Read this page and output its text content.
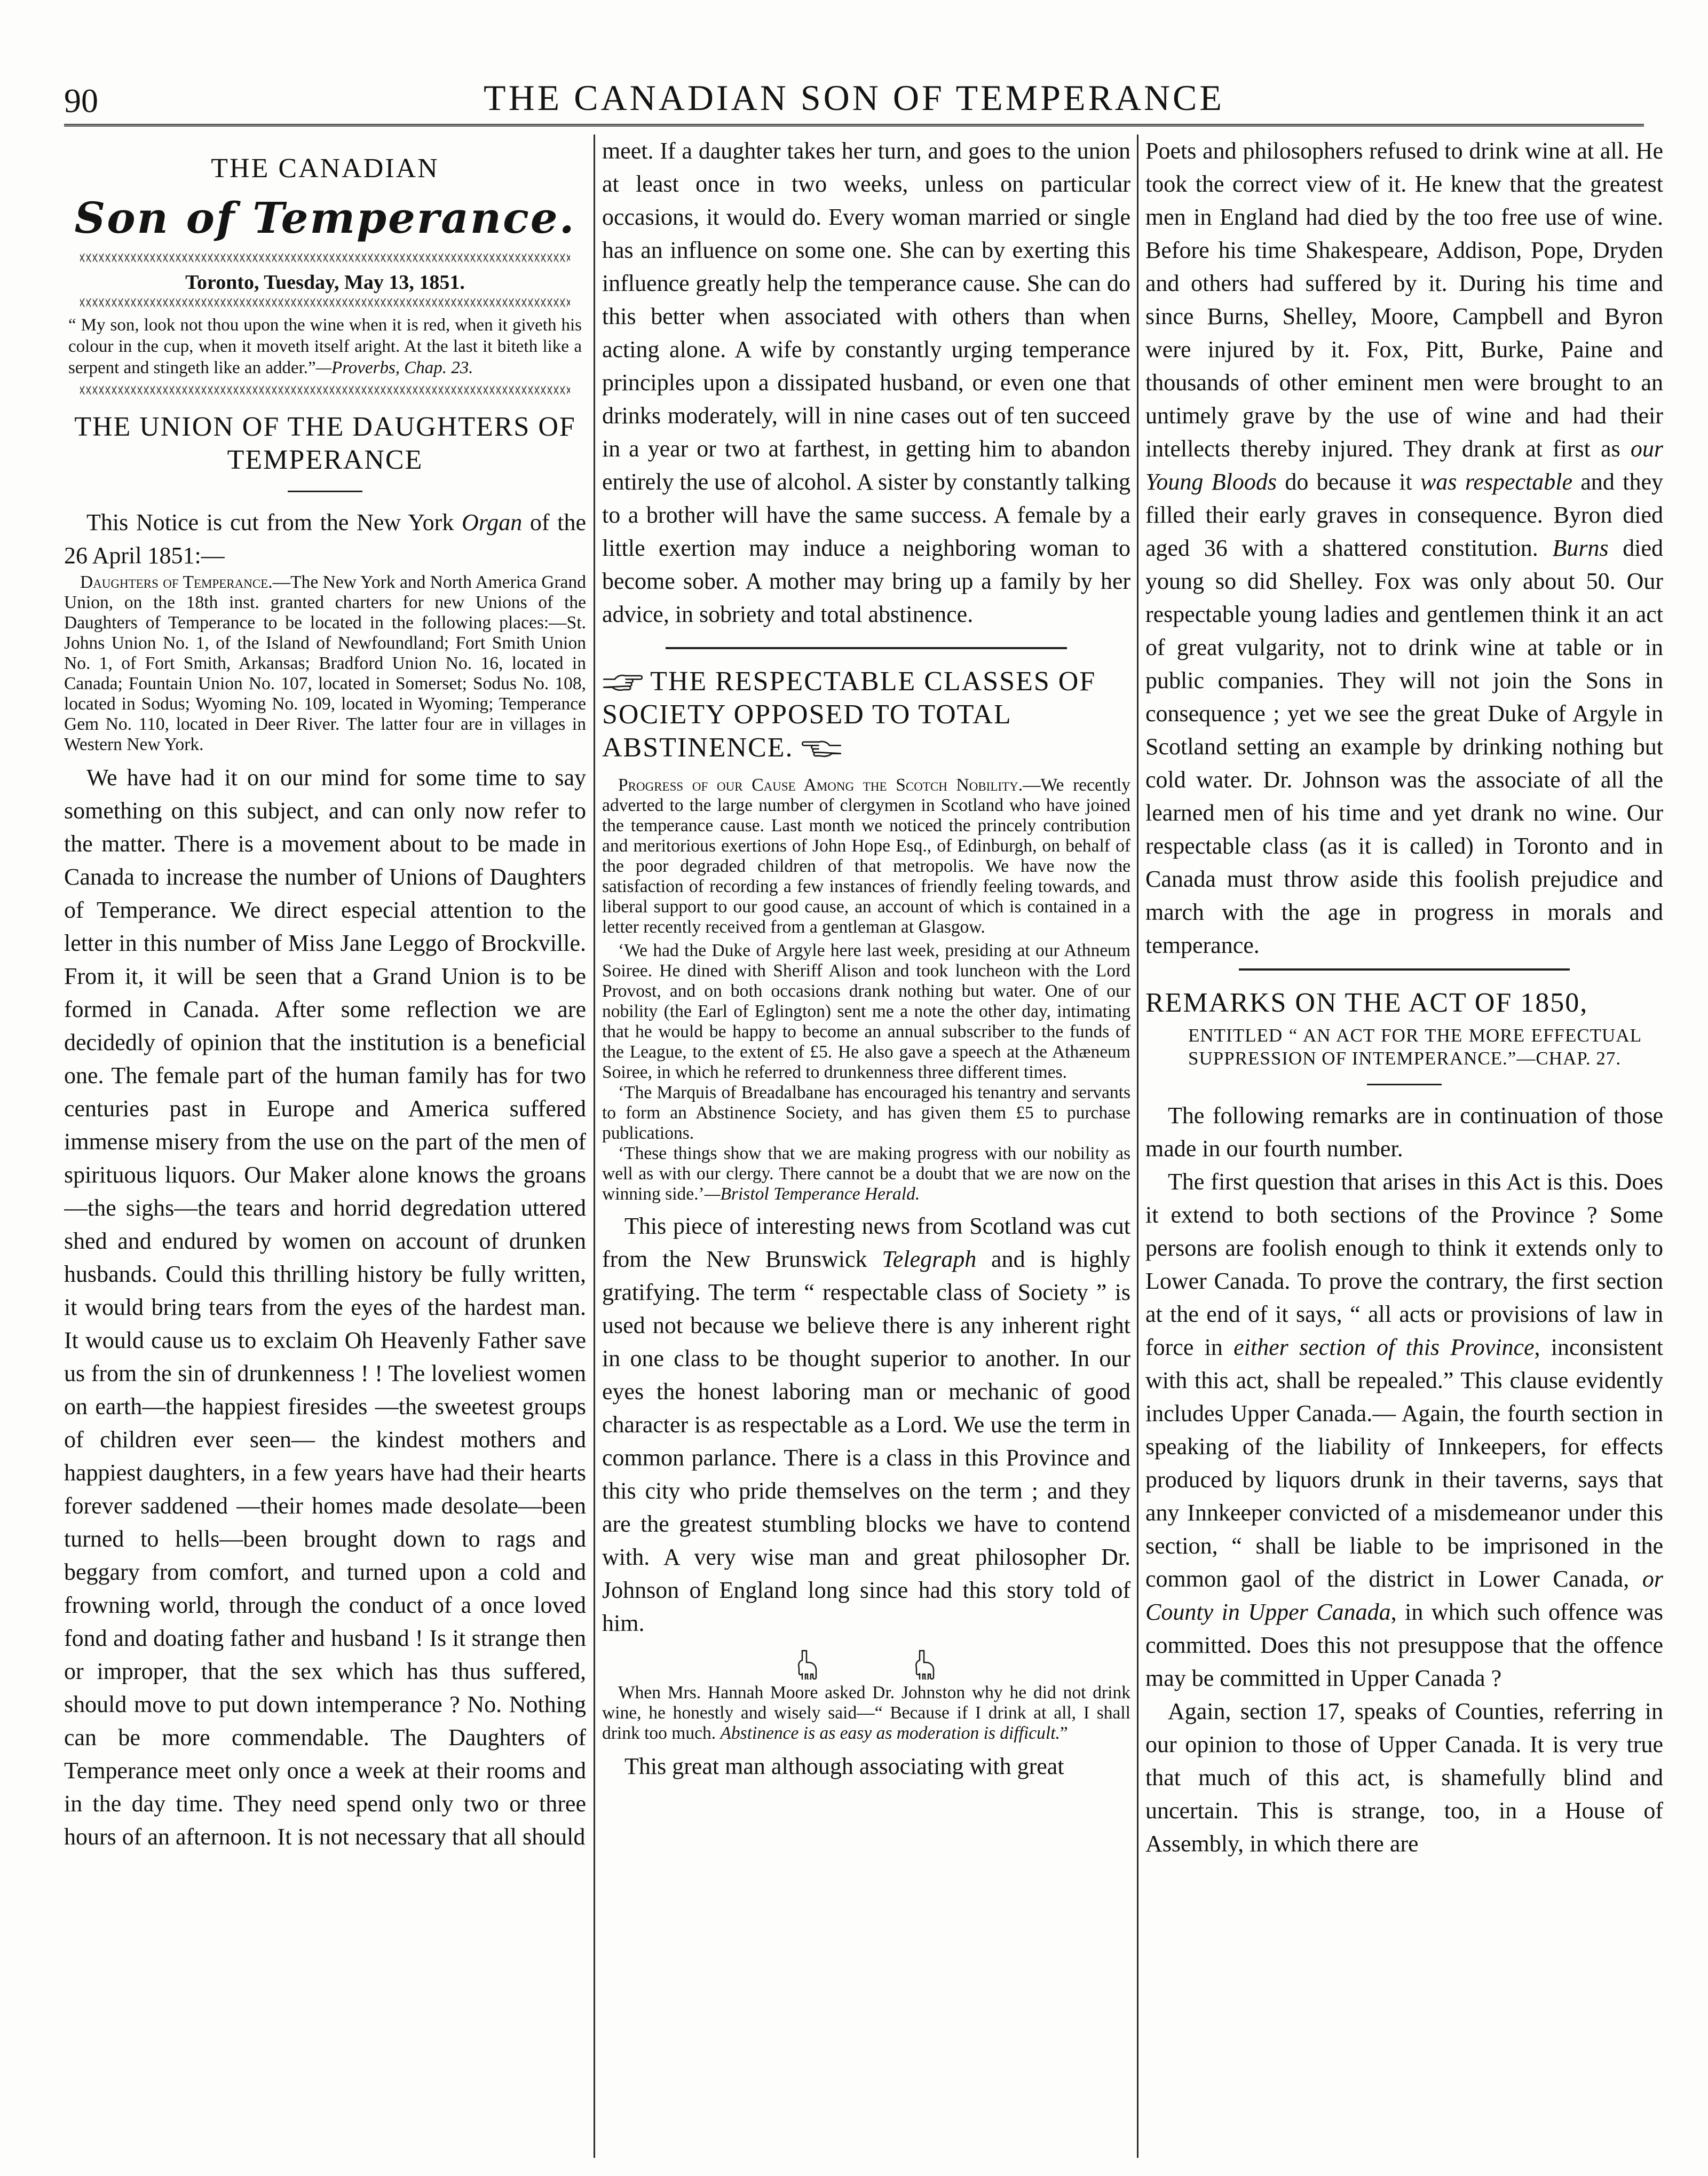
90	THE CANADIAN SON OF TEMPERANCE
THE CANADIAN
Son of Temperance.
Toronto, Tuesday, May 13, 1851.

“ My son, look not thou upon the wine when it is red, when it giveth his colour in the cup, when it moveth itself aright. At the last it biteth like a serpent and stingeth like an adder.”—Proverbs, Chap. 23.

THE UNION OF THE DAUGHTERS OF TEMPERANCE

This Notice is cut from the New York Organ of the 26 April 1851:—

Daughters of Temperance.—The New York and North America Grand Union, on the 18th inst. granted charters for new Unions of the Daughters of Temperance to be located in the following places:—St. Johns Union No. 1, of the Island of Newfoundland; Fort Smith Union No. 1, of Fort Smith, Arkansas; Bradford Union No. 16, located in Canada; Fountain Union No. 107, located in Somerset; Sodus No. 108, located in Sodus; Wyoming No. 109, located in Wyoming; Temperance Gem No. 110, located in Deer River. The latter four are in villages in Western New York.

We have had it on our mind for some time to say something on this subject, and can only now refer to the matter. There is a movement about to be made in Canada to increase the number of Unions of Daughters of Temperance. We direct especial attention to the letter in this number of Miss Jane Leggo of Brockville. From it, it will be seen that a Grand Union is to be formed in Canada. After some reflection we are decidedly of opinion that the institution is a beneficial one. The female part of the human family has for two centuries past in Europe and America suffered immense misery from the use on the part of the men of spirituous liquors. Our Maker alone knows the groans—the sighs—the tears and horrid degredation uttered shed and endured by women on account of drunken husbands. Could this thrilling history be fully written, it would bring tears from the eyes of the hardest man. It would cause us to exclaim Oh Heavenly Father save us from the sin of drunkenness ! ! The loveliest women on earth—the happiest firesides —the sweetest groups of children ever seen— the kindest mothers and happiest daughters, in a few years have had their hearts forever saddened —their homes made desolate—been turned to hells—been brought down to rags and beggary from comfort, and turned upon a cold and frowning world, through the conduct of a once loved fond and doating father and husband ! Is it strange then or improper, that the sex which has thus suffered, should move to put down intemperance ? No. Nothing can be more commendable. The Daughters of Temperance meet only once a week at their rooms and in the day time. They need spend only two or three hours of an afternoon. It is not necessary that all should

meet. If a daughter takes her turn, and goes to the union at least once in two weeks, unless on particular occasions, it would do. Every woman married or single has an influence on some one. She can by exerting this influence greatly help the temperance cause. She can do this better when associated with others than when acting alone. A wife by constantly urging temperance principles upon a dissipated husband, or even one that drinks moderately, will in nine cases out of ten succeed in a year or two at farthest, in getting him to abandon entirely the use of alcohol. A sister by constantly talking to a brother will have the same success. A female by a little exertion may induce a neighboring woman to become sober. A mother may bring up a family by her advice, in sobriety and total abstinence.

THE RESPECTABLE CLASSES OF SOCIETY OPPOSED TO TOTAL ABSTINENCE.

Progress of our Cause Among the Scotch Nobility.—We recently adverted to the large number of clergymen in Scotland who have joined the temperance cause. Last month we noticed the princely contribution and meritorious exertions of John Hope Esq., of Edinburgh, on behalf of the poor degraded children of that metropolis. We have now the satisfaction of recording a few instances of friendly feeling towards, and liberal support to our good cause, an account of which is contained in a letter recently received from a gentleman at Glasgow.

‘We had the Duke of Argyle here last week, presiding at our Athneum Soiree. He dined with Sheriff Alison and took luncheon with the Lord Provost, and on both occasions drank nothing but water. One of our nobility (the Earl of Eglington) sent me a note the other day, intimating that he would be happy to become an annual subscriber to the funds of the League, to the extent of £5. He also gave a speech at the Athæneum Soiree, in which he referred to drunkenness three different times.

‘The Marquis of Breadalbane has encouraged his tenantry and servants to form an Abstinence Society, and has given them £5 to purchase publications.

‘These things show that we are making progress with our nobility as well as with our clergy. There cannot be a doubt that we are now on the winning side.’—Bristol Temperance Herald.

This piece of interesting news from Scotland was cut from the New Brunswick Telegraph and is highly gratifying. The term “ respectable class of Society ” is used not because we believe there is any inherent right in one class to be thought superior to another. In our eyes the honest laboring man or mechanic of good character is as respectable as a Lord. We use the term in common parlance. There is a class in this Province and this city who pride themselves on the term ; and they are the greatest stumbling blocks we have to contend with. A very wise man and great philosopher Dr. Johnson of England long since had this story told of him.

When Mrs. Hannah Moore asked Dr. Johnston why he did not drink wine, he honestly and wisely said—“ Because if I drink at all, I shall drink too much. Abstinence is as easy as moderation is difficult.”

This great man although associating with great

Poets and philosophers refused to drink wine at all. He took the correct view of it. He knew that the greatest men in England had died by the too free use of wine. Before his time Shakespeare, Addison, Pope, Dryden and others had suffered by it. During his time and since Burns, Shelley, Moore, Campbell and Byron were injured by it. Fox, Pitt, Burke, Paine and thousands of other eminent men were brought to an untimely grave by the use of wine and had their intellects thereby injured. They drank at first as our Young Bloods do because it was respectable and they filled their early graves in consequence. Byron died aged 36 with a shattered constitution. Burns died young so did Shelley. Fox was only about 50. Our respectable young ladies and gentlemen think it an act of great vulgarity, not to drink wine at table or in public companies. They will not join the Sons in consequence ; yet we see the great Duke of Argyle in Scotland setting an example by drinking nothing but cold water. Dr. Johnson was the associate of all the learned men of his time and yet drank no wine. Our respectable class (as it is called) in Toronto and in Canada must throw aside this foolish prejudice and march with the age in progress in morals and temperance.

REMARKS ON THE ACT OF 1850,
ENTITLED “ AN ACT FOR THE MORE EFFECTUAL SUPPRESSION OF INTEMPERANCE.”—CHAP. 27.

The following remarks are in continuation of those made in our fourth number.

The first question that arises in this Act is this. Does it extend to both sections of the Province ? Some persons are foolish enough to think it extends only to Lower Canada. To prove the contrary, the first section at the end of it says, “ all acts or provisions of law in force in either section of this Province, inconsistent with this act, shall be repealed.” This clause evidently includes Upper Canada.— Again, the fourth section in speaking of the liability of Innkeepers, for effects produced by liquors drunk in their taverns, says that any Innkeeper convicted of a misdemeanor under this section, “ shall be liable to be imprisoned in the common gaol of the district in Lower Canada, or County in Upper Canada, in which such offence was committed. Does this not presuppose that the offence may be committed in Upper Canada ?

Again, section 17, speaks of Counties, referring in our opinion to those of Upper Canada. It is very true that much of this act, is shamefully blind and uncertain. This is strange, too, in a House of Assembly, in which there are
